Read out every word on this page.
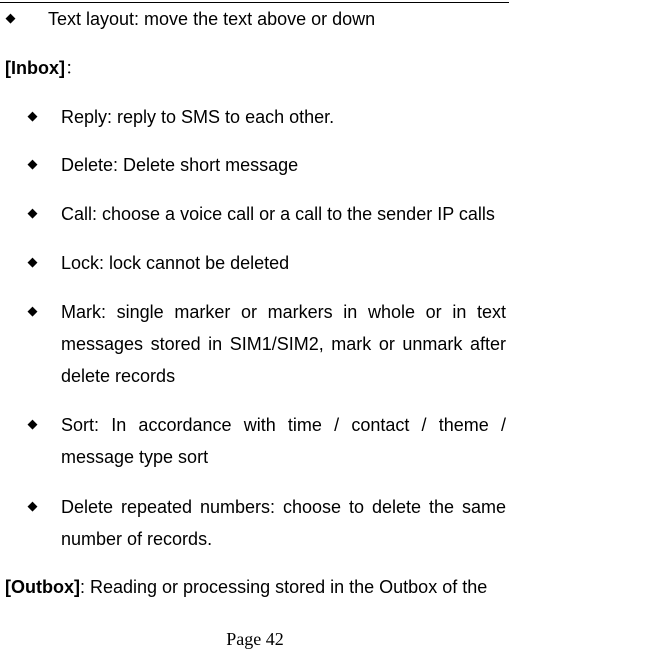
◆ Text layout: move the text above or down
[Inbox]：
◆ Reply: reply to SMS to each other.
◆ Delete: Delete short message
◆ Call: choose a voice call or a call to the sender IP calls
◆ Lock: lock cannot be deleted
◆ Mark: single marker or markers in whole or in text messages stored in SIM1/SIM2, mark or unmark after delete records
◆ Sort: In accordance with time / contact / theme / message type sort
◆ Delete repeated numbers: choose to delete the same number of records.
[Outbox]: Reading or processing stored in the Outbox of the
Page 42
